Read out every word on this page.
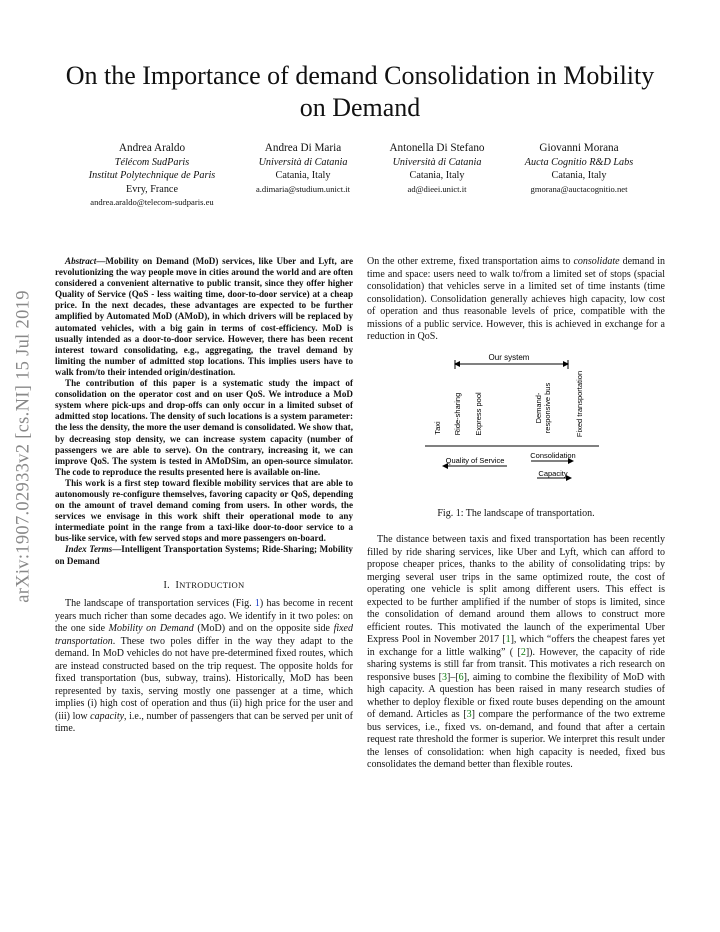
arXiv:1907.02933v2 [cs.NI] 15 Jul 2019
On the Importance of demand Consolidation in Mobility on Demand
Andrea Araldo
Télécom SudParis
Institut Polytechnique de Paris
Evry, France
andrea.araldo@telecom-sudparis.eu
Andrea Di Maria
Università di Catania
Catania, Italy
a.dimaria@studium.unict.it
Antonella Di Stefano
Università di Catania
Catania, Italy
ad@dieei.unict.it
Giovanni Morana
Aucta Cognitio R&D Labs
Catania, Italy
gmorana@auctacognitio.net

Abstract—Mobility on Demand (MoD) services, like Uber and Lyft, are revolutionizing the way people move in cities around the world and are often considered a convenient alternative to public transit, since they offer higher Quality of Service (QoS - less waiting time, door-to-door service) at a cheap price. In the next decades, these advantages are expected to be further amplified by Automated MoD (AMoD), in which drivers will be replaced by automated vehicles, with a big gain in terms of cost-efficiency. MoD is usually intended as a door-to-door service. However, there has been recent interest toward consolidating, e.g., aggregating, the travel demand by limiting the number of admitted stop locations. This implies users have to walk from/to their intended origin/destination.

The contribution of this paper is a systematic study the impact of consolidation on the operator cost and on user QoS. We introduce a MoD system where pick-ups and drop-offs can only occur in a limited subset of admitted stop locations. The density of such locations is a system parameter: the less the density, the more the user demand is consolidated. We show that, by decreasing stop density, we can increase system capacity (number of passengers we are able to serve). On the contrary, increasing it, we can improve QoS. The system is tested in AMoDSim, an open-source simulator. The code to reproduce the results presented here is available on-line.

This work is a first step toward flexible mobility services that are able to autonomously re-configure themselves, favoring capacity or QoS, depending on the amount of travel demand coming from users. In other words, the services we envisage in this work shift their operational mode to any intermediate point in the range from a taxi-like door-to-door service to a bus-like service, with few served stops and more passengers on-board.

Index Terms—Intelligent Transportation Systems; Ride-Sharing; Mobility on Demand

I. INTRODUCTION

The landscape of transportation services (Fig. 1) has become in recent years much richer than some decades ago. We identify in it two poles: on the one side Mobility on Demand (MoD) and on the opposite side fixed transportation. These two poles differ in the way they adapt to the demand. In MoD vehicles do not have pre-determined fixed routes, which are instead constructed based on the trip request. The opposite holds for fixed transportation (bus, subway, trains). Historically, MoD has been represented by taxis, serving mostly one passenger at a time, which implies (i) high cost of operation and thus (ii) high price for the user and (iii) low capacity, i.e., number of passengers that can be served per unit of time.

On the other extreme, fixed transportation aims to consolidate demand in time and space: users need to walk to/from a limited set of stops (spacial consolidation) that vehicles serve in a limited set of time instants (time consolidation). Consolidation generally achieves high capacity, low cost of operation and thus reasonable levels of price, compatible with the missions of a public service. However, this is achieved in exchange for a reduction in QoS.

Our system
Taxi Ride-sharing Express pool	Demand- responsive bus	Fixed transportation
Quality of Service
Consolidation
Capacity
Fig. 1: The landscape of transportation.

The distance between taxis and fixed transportation has been recently filled by ride sharing services, like Uber and Lyft, which can afford to propose cheaper prices, thanks to the ability of consolidating trips: by merging several user trips in the same optimized route, the cost of operating one vehicle is split among different users. This effect is expected to be further amplified if the number of stops is limited, since the consolidation of demand around them allows to construct more efficient routes. This motivated the launch of the experimental Uber Express Pool in November 2017 [1], which “offers the cheapest fares yet in exchange for a little walking” ( [2]). However, the capacity of ride sharing systems is still far from transit. This motivates a rich research on responsive buses [3]–[6], aiming to combine the flexibility of MoD with high capacity. A question has been raised in many research studies of whether to deploy flexible or fixed route buses depending on the amount of demand. Articles as [3] compare the performance of the two extreme bus services, i.e., fixed vs. on-demand, and found that after a certain request rate threshold the former is superior. We interpret this result under the lenses of consolidation: when high capacity is needed, fixed bus consolidates the demand better than flexible routes.
